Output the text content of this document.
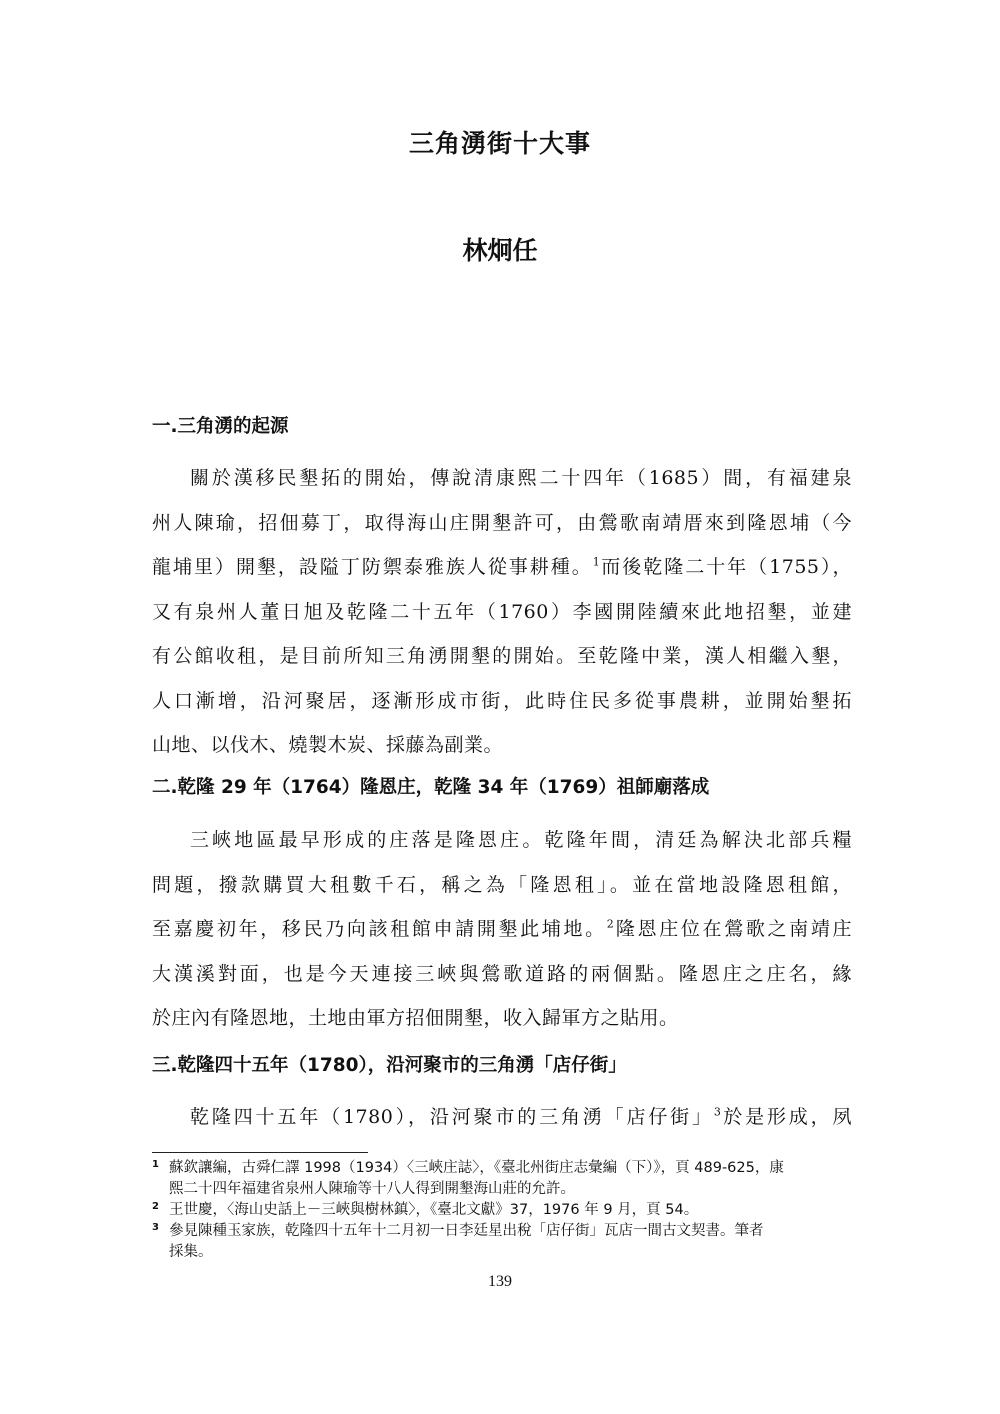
三角湧街十大事
林炯任
一.三角湧的起源
關於漢移民墾拓的開始，傳說清康熙二十四年（1685）間，有福建泉
州人陳瑜，招佃募丁，取得海山庄開墾許可，由鶯歌南靖厝來到隆恩埔（今
龍埔里）開墾，設隘丁防禦泰雅族人從事耕種。$^1$而後乾隆二十年（1755），
又有泉州人董日旭及乾隆二十五年（1760）李國開陸續來此地招墾，並建
有公館收租，是目前所知三角湧開墾的開始。至乾隆中業，漢人相繼入墾，
人口漸增，沿河聚居，逐漸形成市街，此時住民多從事農耕，並開始墾拓
山地、以伐木、燒製木炭、採藤為副業。
二.乾隆 29 年（1764）隆恩庄，乾隆 34 年（1769）祖師廟落成
三峽地區最早形成的庄落是隆恩庄。乾隆年間，清廷為解決北部兵糧
問題，撥款購買大租數千石，稱之為「隆恩租」。並在當地設隆恩租館，
至嘉慶初年，移民乃向該租館申請開墾此埔地。$^2$隆恩庄位在鶯歌之南靖庄
大漢溪對面，也是今天連接三峽與鶯歌道路的兩個點。隆恩庄之庄名，緣
於庄內有隆恩地，土地由軍方招佃開墾，收入歸軍方之貼用。
三.乾隆四十五年（1780），沿河聚市的三角湧「店仔街」
乾隆四十五年（1780），沿河聚市的三角湧「店仔街」$^3$於是形成，夙
1 蘇欽讓編，古舜仁譯 1998（1934）〈三峽庄誌〉，《臺北州街庄志彙編（下）》，頁 489-625，康
熙二十四年福建省泉州人陳瑜等十八人得到開墾海山莊的允許。
2 王世慶，〈海山史話上－三峽與樹林鎮〉，《臺北文獻》37，1976 年 9 月，頁 54。
3 參見陳種玉家族，乾隆四十五年十二月初一日李廷星出稅「店仔街」瓦店一間古文契書。筆者
採集。
139
